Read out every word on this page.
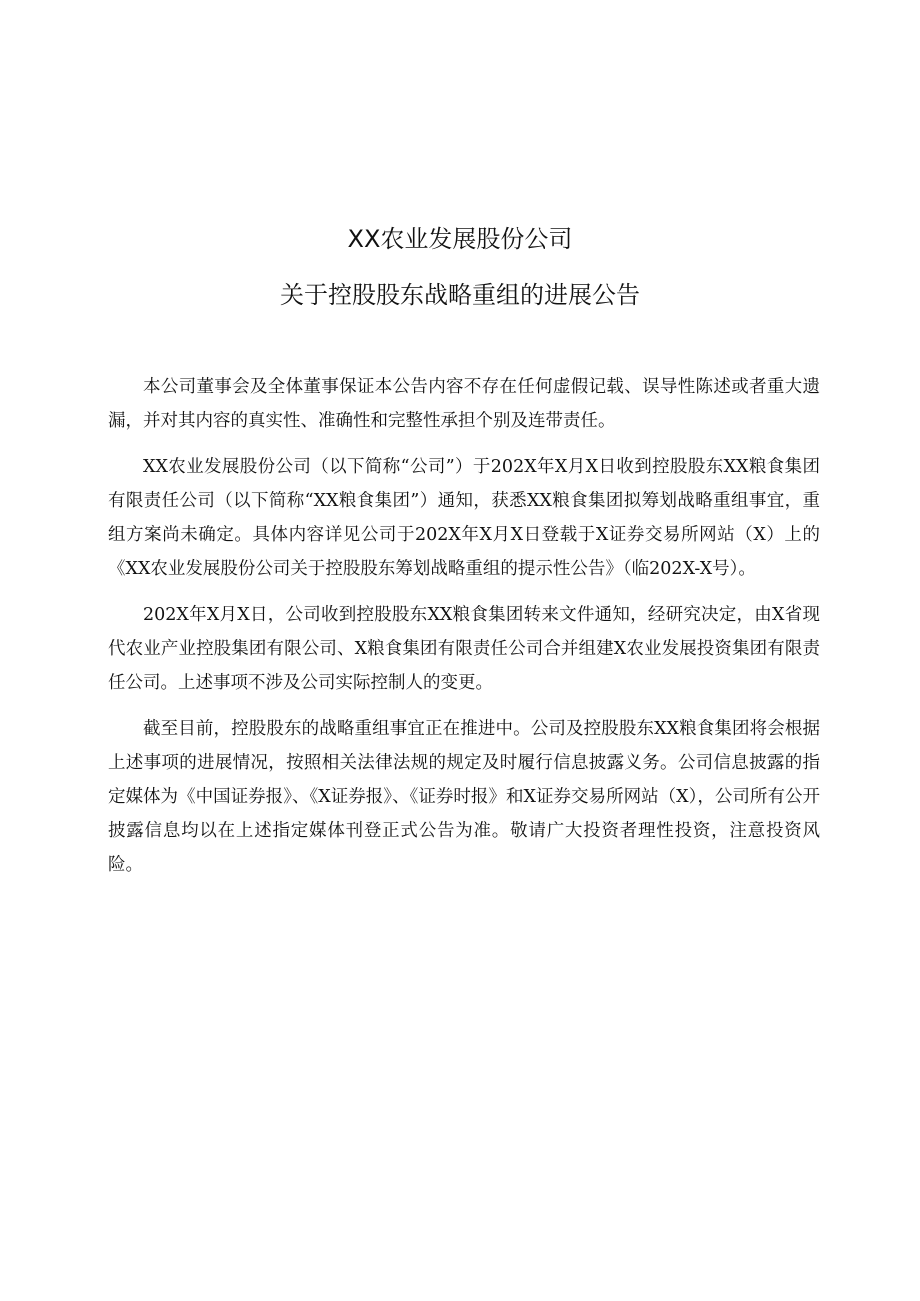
XX农业发展股份公司
关于控股股东战略重组的进展公告

本公司董事会及全体董事保证本公告内容不存在任何虚假记载、误导性陈述或者重大遗漏，并对其内容的真实性、准确性和完整性承担个别及连带责任。

XX农业发展股份公司（以下简称“公司”）于202X年X月X日收到控股股东XX粮食集团有限责任公司（以下简称“XX粮食集团”）通知，获悉XX粮食集团拟筹划战略重组事宜，重组方案尚未确定。具体内容详见公司于202X年X月X日登载于X证券交易所网站（X）上的《XX农业发展股份公司关于控股股东筹划战略重组的提示性公告》（临202X-X号）。

202X年X月X日，公司收到控股股东XX粮食集团转来文件通知，经研究决定，由X省现代农业产业控股集团有限公司、X粮食集团有限责任公司合并组建X农业发展投资集团有限责任公司。上述事项不涉及公司实际控制人的变更。

截至目前，控股股东的战略重组事宜正在推进中。公司及控股股东XX粮食集团将会根据上述事项的进展情况，按照相关法律法规的规定及时履行信息披露义务。公司信息披露的指定媒体为《中国证券报》、《X证券报》、《证券时报》和X证券交易所网站（X），公司所有公开披露信息均以在上述指定媒体刊登正式公告为准。敬请广大投资者理性投资，注意投资风险。
